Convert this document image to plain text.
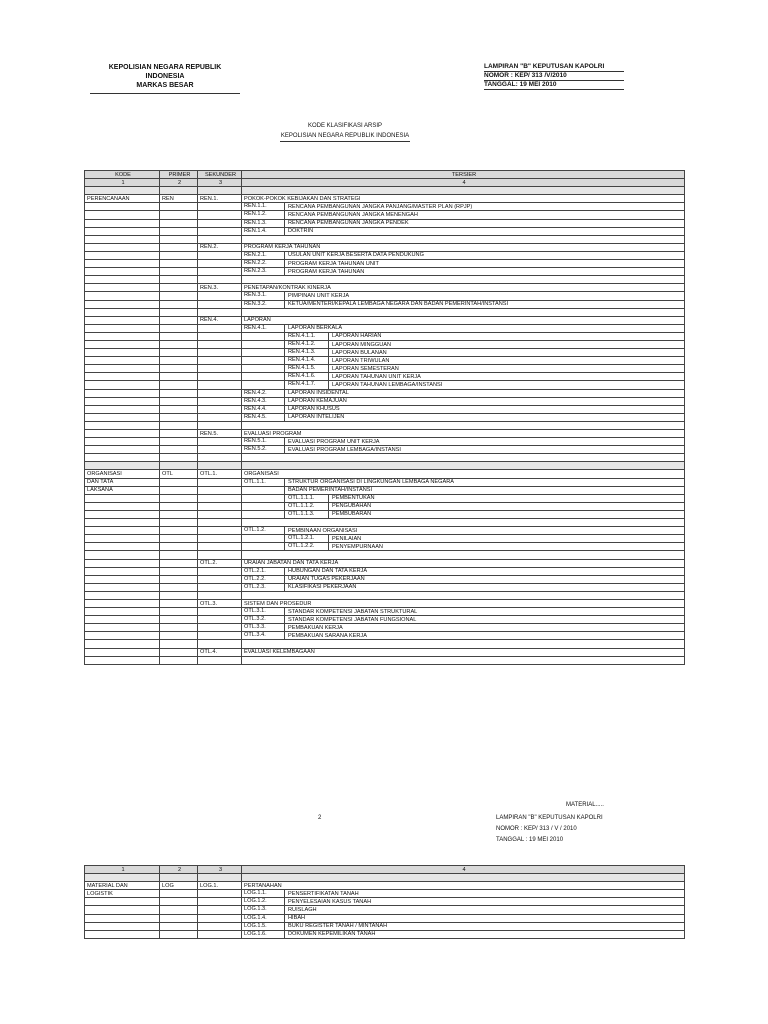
KEPOLISIAN NEGARA REPUBLIK INDONESIA
MARKAS BESAR
LAMPIRAN "B" KEPUTUSAN KAPOLRI
NOMOR : KEP/ 313 /V/2010
TANGGAL: 19 MEI 2010
KODE KLASIFIKASI ARSIP
KEPOLISIAN NEGARA REPUBLIK INDONESIA
KODE	PRIMER	SEKUNDER	TERSIER
1	2	3	4

PERENCANAAN	REN	REN.1.	POKOK-POKOK KEBIJAKAN DAN STRATEGI

			REN.1.1. RENCANA PEMBANGUNAN JANGKA PANJANG/MASTER PLAN (RPJP)

			REN.1.2. RENCANA PEMBANGUNAN JANGKA MENENGAH

			REN.1.3. RENCANA PEMBANGUNAN JANGKA PENDEK

			REN.1.4. DOKTRIN

		REN.2.	PROGRAM KERJA TAHUNAN

			REN.2.1. USULAN UNIT KERJA BESERTA DATA PENDUKUNG

			REN.2.2. PROGRAM KERJA TAHUNAN UNIT

			REN.2.3. PROGRAM KERJA TAHUNAN

		REN.3.	PENETAPAN/KONTRAK KINERJA

			REN.3.1. PIMPINAN UNIT KERJA

			REN.3.2. KETUA/MENTERI/KEPALA LEMBAGA NEGARA DAN BADAN PEMERINTAH/INSTANSI

		REN.4.	LAPORAN

			REN.4.1. LAPORAN BERKALA

			REN.4.1.1. LAPORAN HARIAN

			REN.4.1.2. LAPORAN MINGGUAN

			REN.4.1.3. LAPORAN BULANAN

			REN.4.1.4. LAPORAN TRIWULAN

			REN.4.1.5. LAPORAN SEMESTERAN

			REN.4.1.6. LAPORAN TAHUNAN UNIT KERJA

			REN.4.1.7. LAPORAN TAHUNAN LEMBAGA/INSTANSI

			REN.4.2. LAPORAN INSIDENTAL

			REN.4.3. LAPORAN KEMAJUAN

			REN.4.4. LAPORAN KHUSUS

			REN.4.5. LAPORAN INTELIJEN

		REN.5.	EVALUASI PROGRAM

			REN.5.1. EVALUASI PROGRAM UNIT KERJA

			REN.5.2. EVALUASI PROGRAM LEMBAGA/INSTANSI

ORGANISASI	OTL	OTL.1.	ORGANISASI
DAN TATA			OTL.1.1. STRUKTUR ORGANISASI DI LINGKUNGAN LEMBAGA NEGARA

LAKSANA			BADAN PEMERINTAH/INSTANSI

			OTL.1.1.1. PEMBENTUKAN

			OTL.1.1.2. PENGUBAHAN

			OTL.1.1.3. PEMBUBARAN

			OTL.1.2. PEMBINAAN ORGANISASI

			OTL.1.2.1. PENILAIAN

			OTL.1.2.2. PENYEMPURNAAN

		OTL.2.	URAIAN JABATAN DAN TATA KERJA

			OTL.2.1. HUBUNGAN DAN TATA KERJA

			OTL.2.2. URAIAN TUGAS PEKERJAAN

			OTL.2.3. KLASIFIKASI PEKERJAAN

		OTL.3.	SISTEM DAN PROSEDUR

			OTL.3.1. STANDAR KOMPETENSI JABATAN STRUKTURAL

			OTL.3.2. STANDAR KOMPETENSI JABATAN FUNGSIONAL

			OTL.3.3. PEMBAKUAN KERJA

			OTL.3.4. PEMBAKUAN SARANA KERJA

		OTL.4.	EVALUASI KELEMBAGAAN

MATERIAL.....
2	LAMPIRAN "B" KEPUTUSAN KAPOLRI
NOMOR : KEP/ 313 / V / 2010
TANGGAL : 19 MEI 2010
1	2	3	4

MATERIAL DAN	LOG	LOG.1.	PERTANAHAN
LOGISTIK			LOG.1.1. PENSERTIFIKATAN TANAH

			LOG.1.2. PENYELESAIAN KASUS TANAH

			LOG.1.3. RUISLAGH

			LOG.1.4. HIBAH

			LOG.1.5. BUKU REGISTER TANAH / MINTANAH

			LOG.1.6. DOKUMEN KEPEMILIKAN TANAH
